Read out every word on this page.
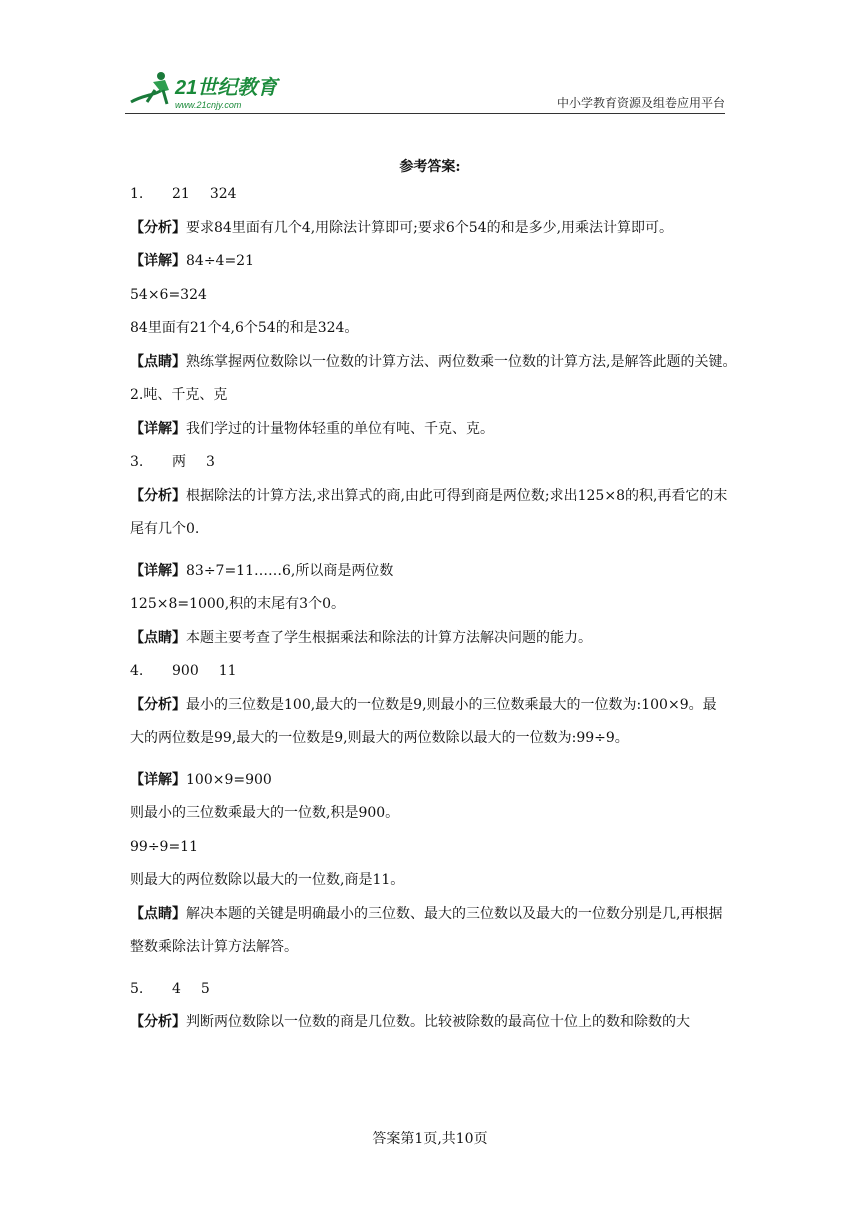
21世纪教育
www.21cnjy.com	中小学教育资源及组卷应用平台
参考答案:
1. 21 324
【分析】要求84里面有几个4,用除法计算即可;要求6个54的和是多少,用乘法计算即可。
【详解】84÷4=21
54×6=324
84里面有21个4,6个54的和是324。
【点睛】熟练掌握两位数除以一位数的计算方法、两位数乘一位数的计算方法,是解答此题的关键。
2.吨、千克、克
【详解】我们学过的计量物体轻重的单位有吨、千克、克。
3. 两 3
【分析】根据除法的计算方法,求出算式的商,由此可得到商是两位数;求出125×8的积,再看它的末尾有几个0.
【详解】83÷7=11……6,所以商是两位数
125×8=1000,积的末尾有3个0。
【点睛】本题主要考查了学生根据乘法和除法的计算方法解决问题的能力。
4. 900 11
【分析】最小的三位数是100,最大的一位数是9,则最小的三位数乘最大的一位数为:100×9。最大的两位数是99,最大的一位数是9,则最大的两位数除以最大的一位数为:99÷9。
【详解】100×9=900
则最小的三位数乘最大的一位数,积是900。
99÷9=11
则最大的两位数除以最大的一位数,商是11。
【点睛】解决本题的关键是明确最小的三位数、最大的三位数以及最大的一位数分别是几,再根据整数乘除法计算方法解答。
5. 4 5
【分析】判断两位数除以一位数的商是几位数。比较被除数的最高位十位上的数和除数的大
答案第1页,共10页
